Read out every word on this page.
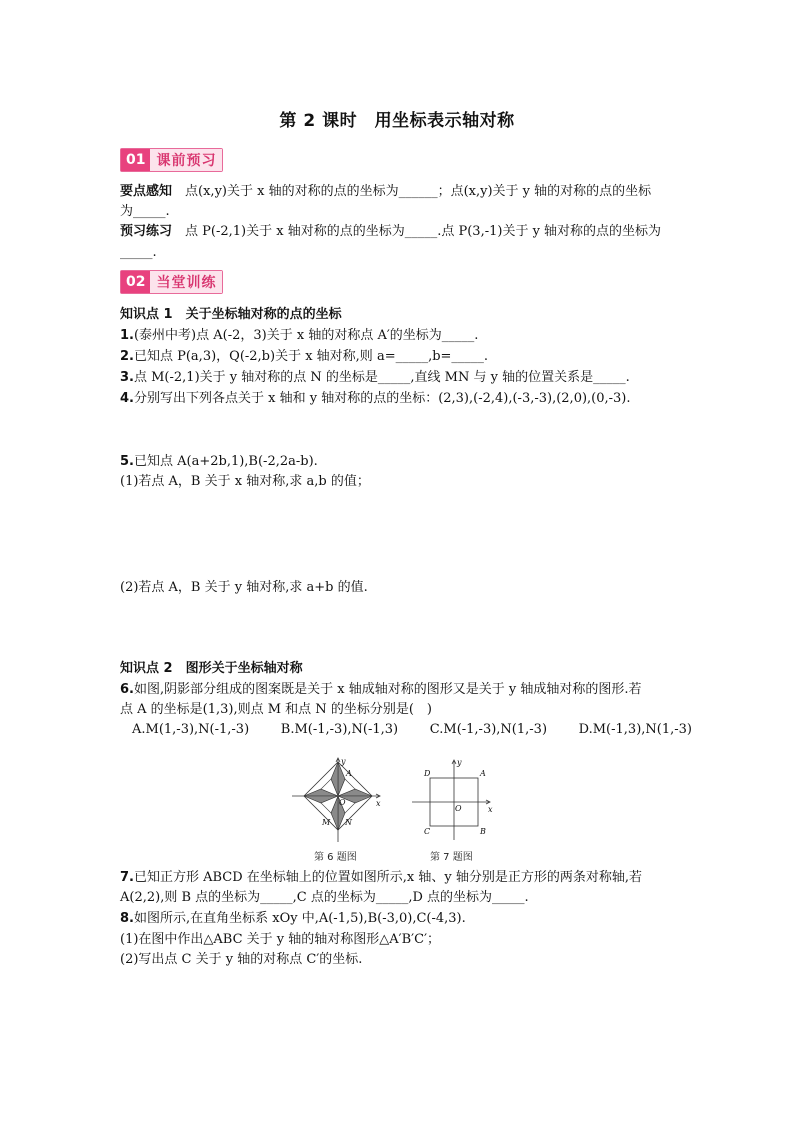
第 2 课时　用坐标表示轴对称
01 课前预习
要点感知　 点(x,y)关于 x 轴的对称的点的坐标为______；点(x,y)关于 y 轴的对称的点的坐标
为_____.
预习练习　 点 P(-2,1)关于 x 轴对称的点的坐标为_____.点 P(3,-1)关于 y 轴对称的点的坐标为
_____.
02 当堂训练
知识点 1　关于坐标轴对称的点的坐标
1.(泰州中考)点 A(-2，3)关于 x 轴的对称点 A′的坐标为_____.
2.已知点 P(a,3)，Q(-2,b)关于 x 轴对称,则 a=_____,b=_____.
3.点 M(-2,1)关于 y 轴对称的点 N 的坐标是_____,直线 MN 与 y 轴的位置关系是_____.
4.分别写出下列各点关于 x 轴和 y 轴对称的点的坐标：(2,3),(-2,4),(-3,-3),(2,0),(0,-3).
5.已知点 A(a+2b,1),B(-2,2a-b).
(1)若点 A，B 关于 x 轴对称,求 a,b 的值；
(2)若点 A，B 关于 y 轴对称,求 a+b 的值.
知识点 2　图形关于坐标轴对称
6.如图,阴影部分组成的图案既是关于 x 轴成轴对称的图形又是关于 y 轴成轴对称的图形.若
点 A 的坐标是(1,3),则点 M 和点 N 的坐标分别是(　)
A.M(1,-3),N(-1,-3) B.M(-1,-3),N(-1,3) C.M(-1,-3),N(1,-3) D.M(-1,3),N(1,-3)
y
x
O
A
M N
第 6 题图
y
x
O
A
B
C
D
第 7 题图
7.已知正方形 ABCD 在坐标轴上的位置如图所示,x 轴、y 轴分别是正方形的两条对称轴,若
A(2,2),则 B 点的坐标为_____,C 点的坐标为_____,D 点的坐标为_____.
8.如图所示,在直角坐标系 xOy 中,A(-1,5),B(-3,0),C(-4,3).
(1)在图中作出△ABC 关于 y 轴的轴对称图形△A′B′C′；
(2)写出点 C 关于 y 轴的对称点 C′的坐标.
